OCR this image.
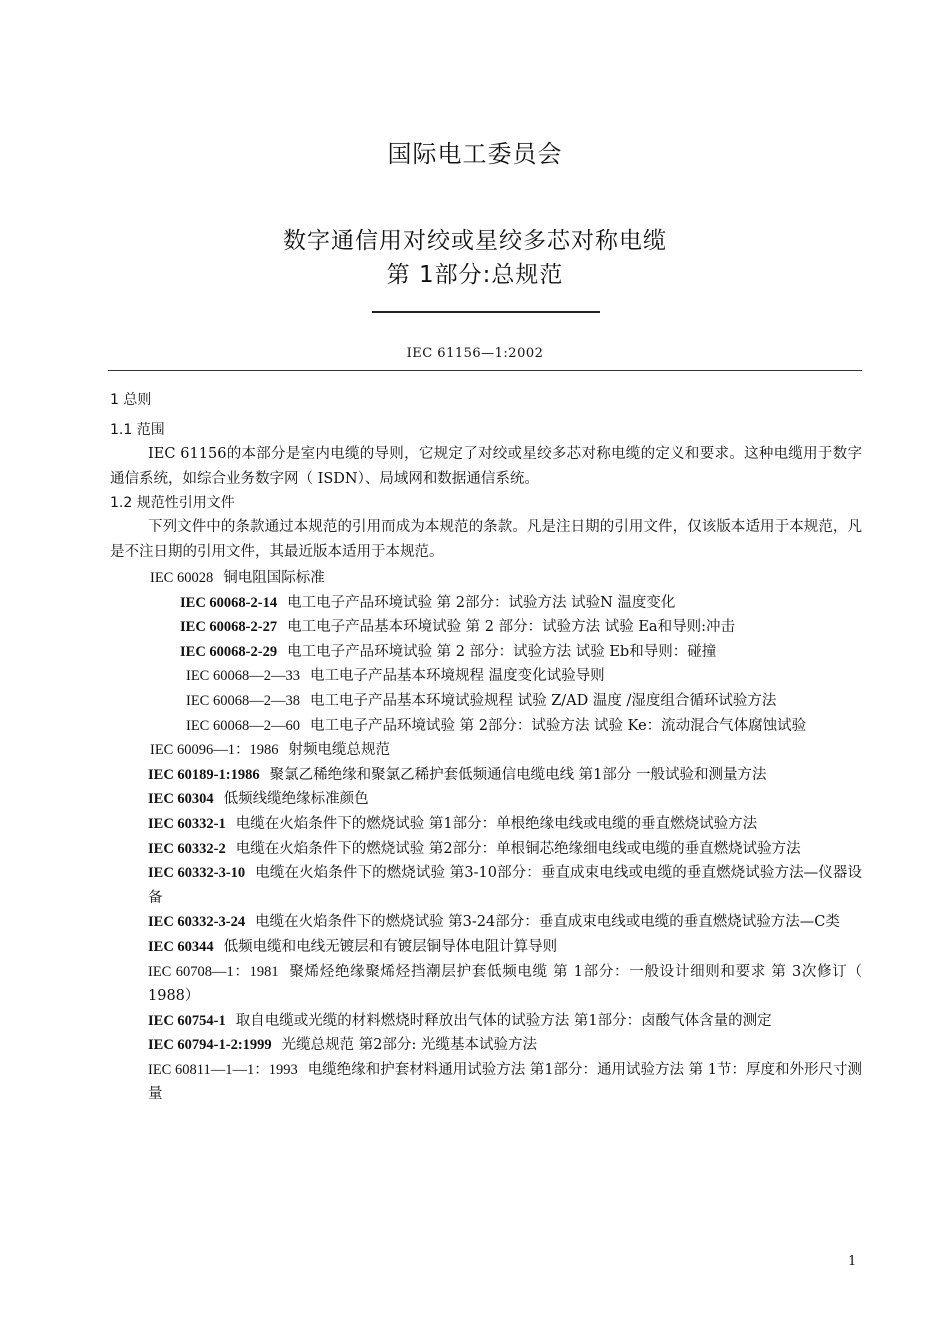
国际电工委员会
数字通信用对绞或星绞多芯对称电缆
第 1部分:总规范
IEC 61156—1:2002

1 总则

1.1 范围

IEC 61156的本部分是室内电缆的导则，它规定了对绞或星绞多芯对称电缆的定义和要求。这种电缆用于数字通信系统，如综合业务数字网（ ISDN）、局域网和数据通信系统。

1.2 规范性引用文件

下列文件中的条款通过本规范的引用而成为本规范的条款。凡是注日期的引用文件，仅该版本适用于本规范，凡是不注日期的引用文件，其最近版本适用于本规范。

IEC 60028 铜电阻国际标准

IEC 60068-2-14 电工电子产品环境试验 第 2部分：试验方法 试验N 温度变化

IEC 60068-2-27 电工电子产品基本环境试验 第 2 部分：试验方法 试验 Ea和导则:冲击

IEC 60068-2-29 电工电子产品环境试验 第 2 部分：试验方法 试验 Eb和导则：碰撞

IEC 60068—2—33 电工电子产品基本环境规程 温度变化试验导则

IEC 60068—2—38 电工电子产品基本环境试验规程 试验 Z/AD 温度 /湿度组合循环试验方法

IEC 60068—2—60 电工电子产品环境试验 第 2部分：试验方法 试验 Ke：流动混合气体腐蚀试验

IEC 60096—1：1986 射频电缆总规范

IEC 60189-1:1986 聚氯乙稀绝缘和聚氯乙稀护套低频通信电缆电线 第1部分 一般试验和测量方法

IEC 60304 低频线缆绝缘标准颜色

IEC 60332-1 电缆在火焰条件下的燃烧试验 第1部分：单根绝缘电线或电缆的垂直燃烧试验方法

IEC 60332-2 电缆在火焰条件下的燃烧试验 第2部分：单根铜芯绝缘细电线或电缆的垂直燃烧试验方法

IEC 60332-3-10 电缆在火焰条件下的燃烧试验 第3-10部分：垂直成束电线或电缆的垂直燃烧试验方法—仪器设备

IEC 60332-3-24 电缆在火焰条件下的燃烧试验 第3-24部分：垂直成束电线或电缆的垂直燃烧试验方法—C类

IEC 60344 低频电缆和电线无镀层和有镀层铜导体电阻计算导则

IEC 60708—1：1981 聚烯烃绝缘聚烯烃挡潮层护套低频电缆 第 1部分：一般设计细则和要求 第 3次修订（ 1988）

IEC 60754-1 取自电缆或光缆的材料燃烧时释放出气体的试验方法 第1部分：卤酸气体含量的测定

IEC 60794-1-2:1999 光缆总规范 第2部分: 光缆基本试验方法

IEC 60811—1—1：1993 电缆绝缘和护套材料通用试验方法 第1部分：通用试验方法 第 1节：厚度和外形尺寸测量

1
